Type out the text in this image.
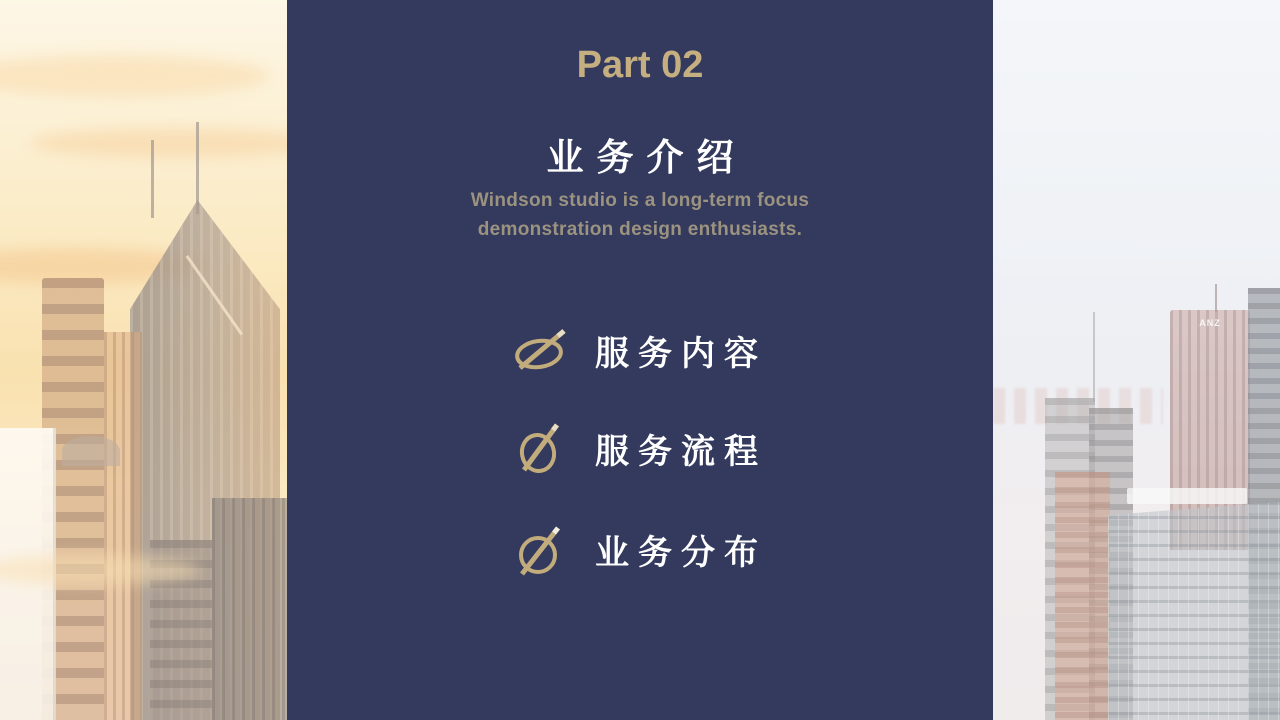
ANZ
Part 02
业务介绍

Windson studio is a long-term focus
demonstration design enthusiasts.

服务内容
服务流程
业务分布
